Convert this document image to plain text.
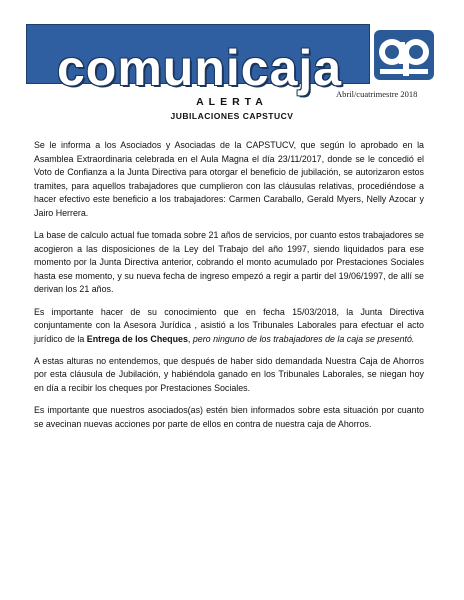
comunicaja
Abril/cuatrimestre 2018
ALERTA
JUBILACIONES CAPSTUCV

Se le informa a los Asociados y Asociadas de la CAPSTUCV, que según lo aprobado en la Asamblea Extraordinaria celebrada en el Aula Magna el día 23/11/2017, donde se le concedió el Voto de Confianza a la Junta Directiva para otorgar el beneficio de jubilación, se autorizaron estos tramites, para aquellos trabajadores que cumplieron con las cláusulas relativas, procediéndose a hacer efectivo este beneficio a los trabajadores: Carmen Caraballo, Gerald Myers, Nelly Azocar y Jairo Herrera.

La base de calculo actual fue tomada sobre 21 años de servicios, por cuanto estos trabajadores se acogieron a las disposiciones de la Ley del Trabajo del año 1997, siendo liquidados para ese momento por la Junta Directiva anterior, cobrando el monto acumulado por Prestaciones Sociales hasta ese momento, y su nueva fecha de ingreso empezó a regir a partir del 19/06/1997, de allí se derivan los 21 años.

Es importante hacer de su conocimiento que en fecha 15/03/2018, la Junta Directiva conjuntamente con la Asesora Jurídica , asistió a los Tribunales Laborales para efectuar el acto jurídico de la Entrega de los Cheques, pero ninguno de los trabajadores de la caja se presentó.

A estas alturas no entendemos, que después de haber sido demandada Nuestra Caja de Ahorros por esta cláusula de Jubilación, y habiéndola ganado en los Tribunales Laborales, se niegan hoy en día a recibir los cheques por Prestaciones Sociales.

Es importante que nuestros asociados(as) estén bien informados sobre esta situación por cuanto se avecinan nuevas acciones por parte de ellos en contra de nuestra caja de Ahorros.
